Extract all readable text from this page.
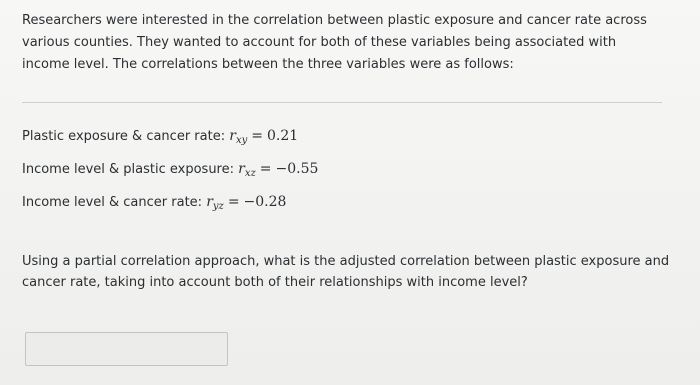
Researchers were interested in the correlation between plastic exposure and cancer rate across various counties. They wanted to account for both of these variables being associated with income level. The correlations between the three variables were as follows:

Plastic exposure & cancer rate: $r_{xy} = 0.21$
Income level & plastic exposure: $r_{xz} = -0.55$
Income level & cancer rate: $r_{yz} = -0.28$

Using a partial correlation approach, what is the adjusted correlation between plastic exposure and cancer rate, taking into account both of their relationships with income level?
